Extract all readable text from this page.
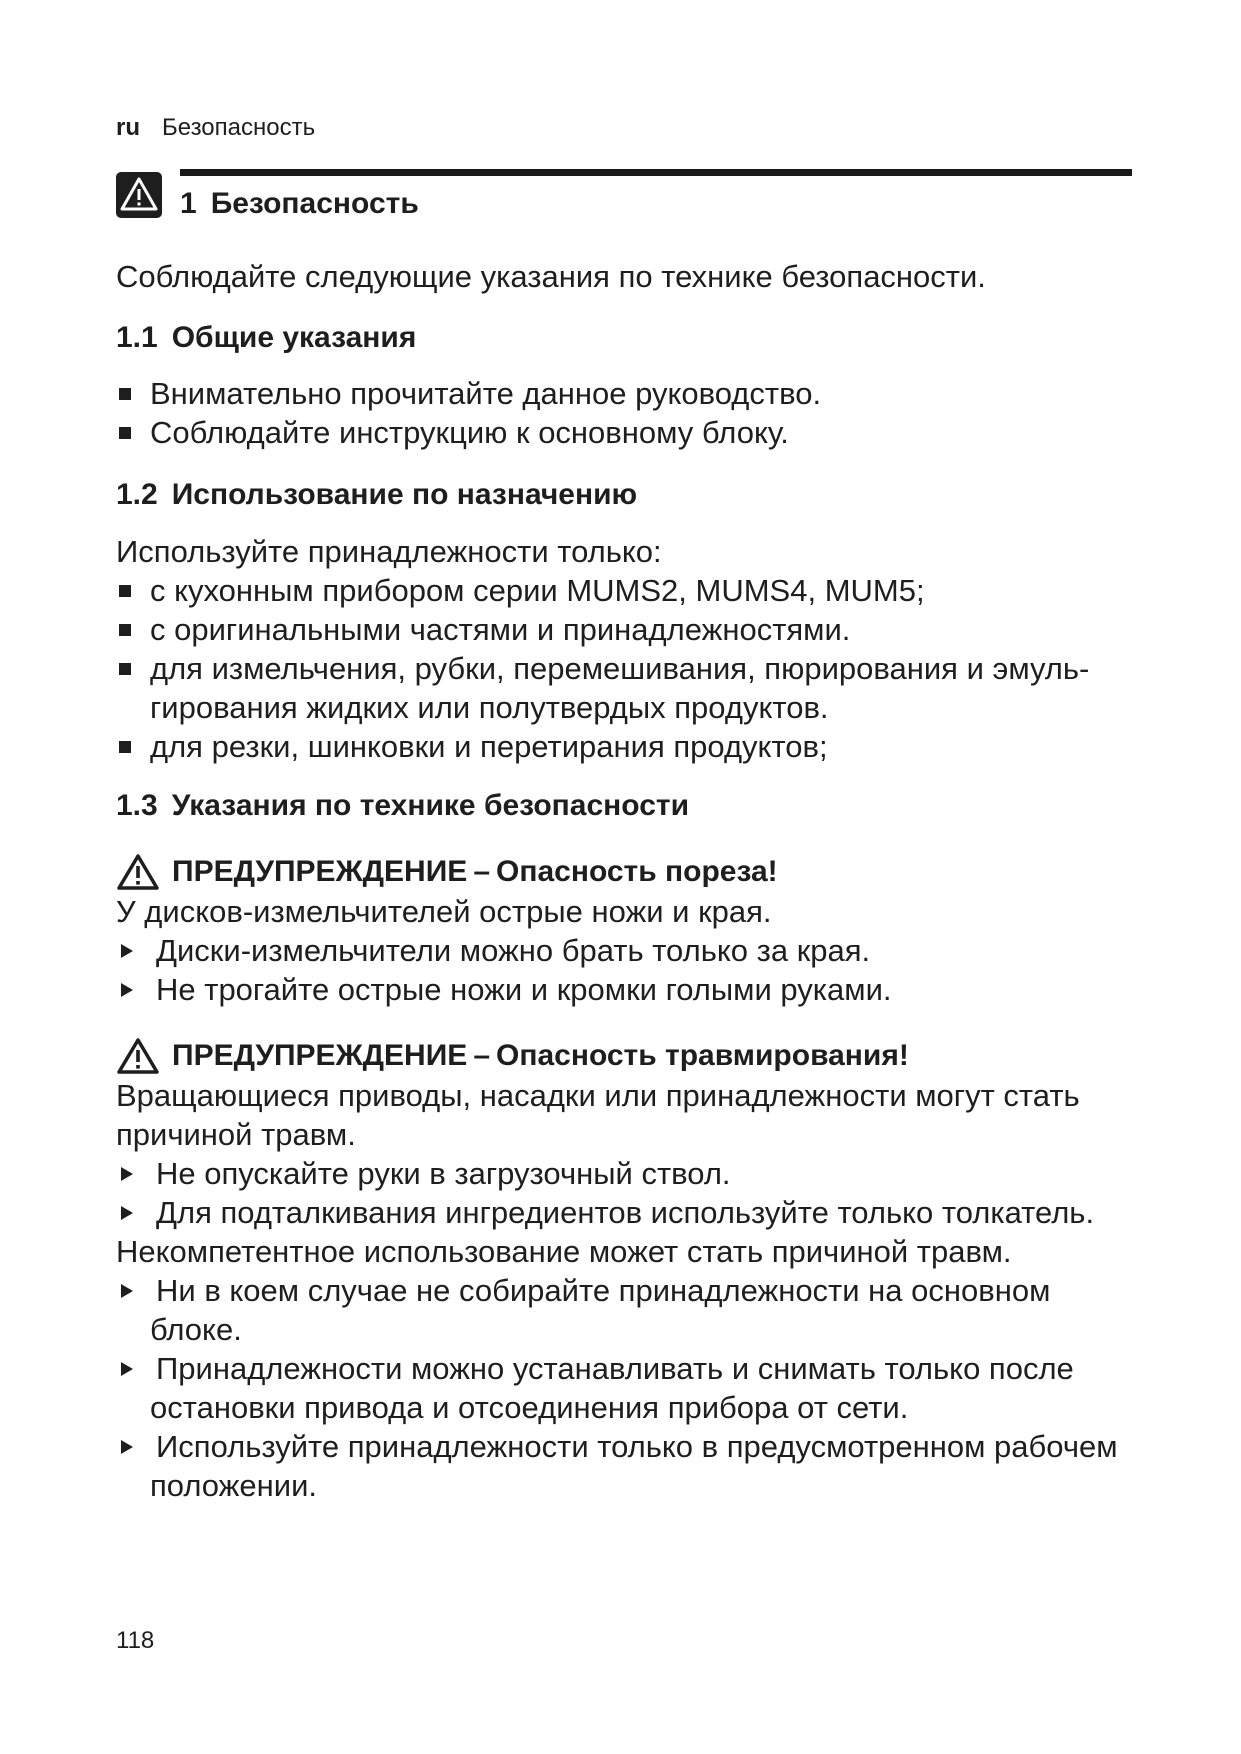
ru Безопасность
1 Безопасность
Соблюдайте следующие указания по технике безопасности.
1.1 Общие указания
Внимательно прочитайте данное руководство.
Соблюдайте инструкцию к основному блоку.
1.2 Использование по назначению

Используйте принадлежности только:

с кухонным прибором серии MUMS2, MUMS4, MUM5;
с оригинальными частями и принадлежностями.
для измельчения, рубки, перемешивания, пюрирования и эмульгирования жидких или полутвердых продуктов.
для резки, шинковки и перетирания продуктов;
1.3 Указания по технике безопасности
ПРЕДУПРЕЖДЕНИЕ – Опасность пореза!

У дисков-измельчителей острые ножи и края.

Диски-измельчители можно брать только за края.
Не трогайте острые ножи и кромки голыми руками.
ПРЕДУПРЕЖДЕНИЕ – Опасность травмирования!

Вращающиеся приводы, насадки или принадлежности могут стать причиной травм.

Не опускайте руки в загрузочный ствол.
Для подталкивания ингредиентов используйте только толкатель.

Некомпетентное использование может стать причиной травм.

Ни в коем случае не собирайте принадлежности на основном блоке.
Принадлежности можно устанавливать и снимать только после остановки привода и отсоединения прибора от сети.
Используйте принадлежности только в предусмотренном рабочем положении.
118
